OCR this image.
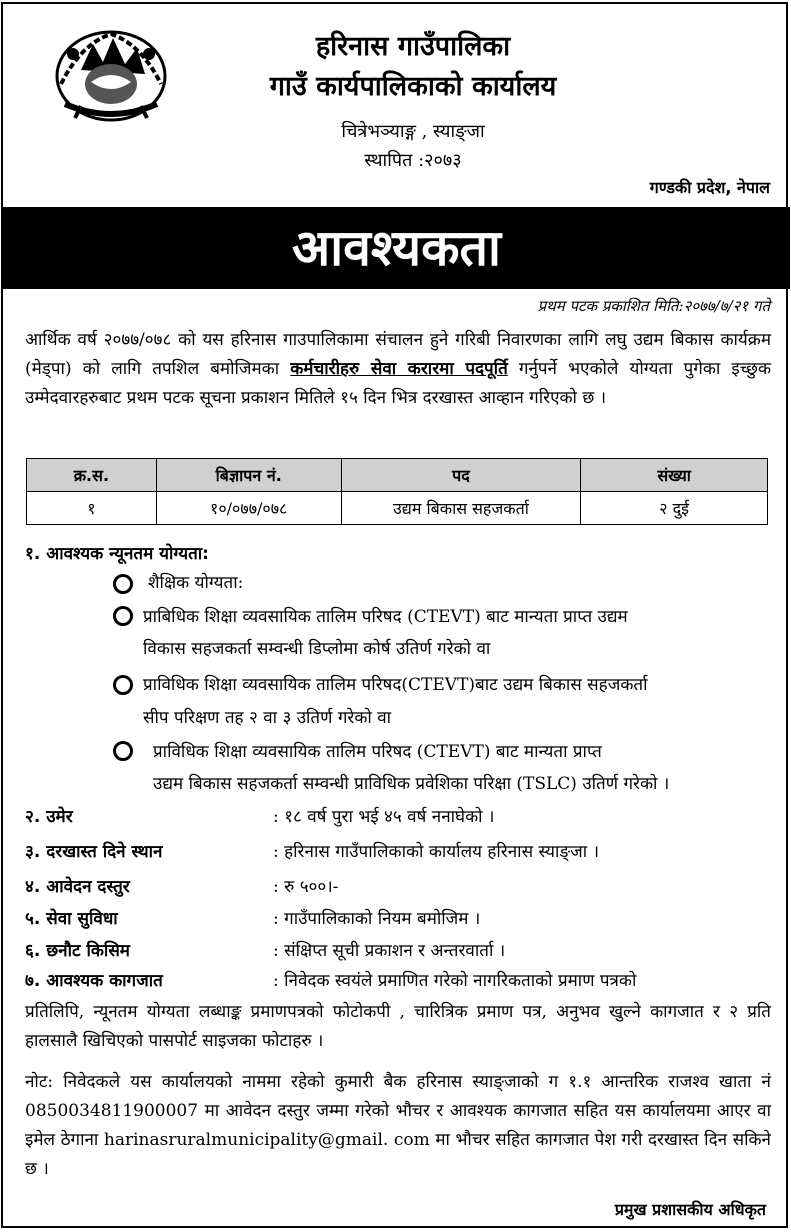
हरिनास गाउँपालिका
गाउँ कार्यपालिकाको कार्यालय
चित्रेभञ्याङ्ग , स्याङ्जा
स्थापित :२०७३
गण्डकी प्रदेश, नेपाल
आवश्यकता
प्रथम पटक प्रकाशित मिति:२०७७/७/२१ गते
आर्थिक वर्ष २०७७/०७८ को यस हरिनास गाउपालिकामा संचालन हुने गरिबी निवारणका लागि लघु उद्यम बिकास कार्यक्रम (मेड्पा) को लागि तपशिल बमोजिमका कर्मचारीहरु सेवा करारमा पदपूर्ति गर्नुपर्ने भएकोले योग्यता पुगेका इच्छुक उम्मेदवारहरुबाट प्रथम पटक सूचना प्रकाशन मितिले १५ दिन भित्र दरखास्त आव्हान गरिएको छ ।
क्र.स.	बिज्ञापन नं.	पद	संख्या
१	१०/०७७/०७८	उद्यम बिकास सहजकर्ता	२ दुई
१. आवश्यक न्यूनतम योग्यता:
शैक्षिक योग्यता:
प्राबिधिक शिक्षा व्यवसायिक तालिम परिषद (CTEVT) बाट मान्यता प्राप्त उद्यम
विकास सहजकर्ता सम्वन्धी डिप्लोमा कोर्ष उतिर्ण गरेको वा
प्राविधिक शिक्षा व्यवसायिक तालिम परिषद(CTEVT)बाट उद्यम बिकास सहजकर्ता
सीप परिक्षण तह २ वा ३ उतिर्ण गरेको वा
प्राविधिक शिक्षा व्यवसायिक तालिम परिषद (CTEVT) बाट मान्यता प्राप्त
उद्यम बिकास सहजकर्ता सम्वन्धी प्राविधिक प्रवेशिका परिक्षा (TSLC) उतिर्ण गरेको ।
२. उमेर	: १८ वर्ष पुरा भई ४५ वर्ष ननाघेको ।
३. दरखास्त दिने स्थान	: हरिनास गाउँपालिकाको कार्यालय हरिनास स्याङ्जा ।
४. आवेदन दस्तुर	: रु ५००।-
५. सेवा सुविधा	: गाउँपालिकाको नियम बमोजिम ।
६. छनौट किसिम	: संक्षिप्त सूची प्रकाशन र अन्तरवार्ता ।
७. आवश्यक कागजात	: निवेदक स्वयंले प्रमाणित गरेको नागरिकताको प्रमाण पत्रको
प्रतिलिपि, न्यूनतम योग्यता लब्धाङ्क प्रमाणपत्रको फोटोकपी , चारित्रिक प्रमाण पत्र, अनुभव खुल्ने कागजात र २ प्रति हालसालै खिचिएको पासपोर्ट साइजका फोटाहरु ।
नोट: निवेदकले यस कार्यालयको नाममा रहेको कुमारी बैक हरिनास स्याङ्जाको ग १.१ आन्तरिक राजश्व खाता नं 0850034811900007 मा आवेदन दस्तुर जम्मा गरेको भौचर र आवश्यक कागजात सहित यस कार्यालयमा आएर वा इमेल ठेगाना harinasruralmunicipality@gmail. com मा भौचर सहित कागजात पेश गरी दरखास्त दिन सकिने छ ।
प्रमुख प्रशासकीय अधिकृत
